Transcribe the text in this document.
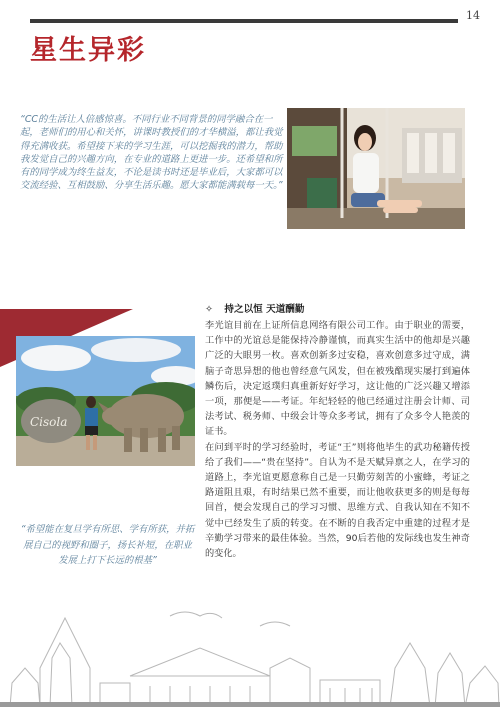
14
星生异彩
“CC的生活让人倍感惊喜。不同行业不同背景的同学融合在一起，老师们的用心和关怀，讲课时教授们的才华横溢，都让我觉得充满收获。希望接下来的学习生涯，可以挖掘我的潜力，帮助我发觉自己的兴趣方向，在专业的道路上更进一步。还希望和所有的同学成为终生益友，不论是读书时还是毕业后，大家都可以交流经验、互相鼓励、分享生活乐趣。愿大家都能满载每一天。”
Cisola
“希望能在复旦学有所思、学有所获，并拓展自己的视野和圈子，扬长补短，在职业发展上打下长远的根基”
✧ 持之以恒 天道酬勤

李光谊目前在上证所信息网络有限公司工作。由于职业的需要，工作中的光谊总是能保持冷静谨慎，而真实生活中的他却是兴趣广泛的大眼男一枚。喜欢创新多过安稳，喜欢创意多过守成，满脑子奇思异想的他也曾经意气风发，但在被残酷现实屡打到遍体鳞伤后，决定返璞归真重新好好学习，这让他的广泛兴趣又增添一项，那便是——考证。年纪轻轻的他已经通过注册会计师、司法考试、税务师、中级会计等众多考试，拥有了众多令人艳羡的证书。

在问到平时的学习经验时，考证“王”则将他毕生的武功秘籍传授给了我们——“贵在坚持”。自认为不是天赋异禀之人，在学习的道路上，李光谊更愿意称自己是一只勤劳刻苦的小蜜蜂，考证之路道阻且艰，有时结果已然不重要，而让他收获更多的则是每每回首，便会发现自己的学习习惯、思维方式、自我认知在不知不觉中已经发生了质的转变。在不断的自我否定中重建的过程才是辛勤学习带来的最佳体验。当然，90后若他的发际线也发生神奇的变化。
